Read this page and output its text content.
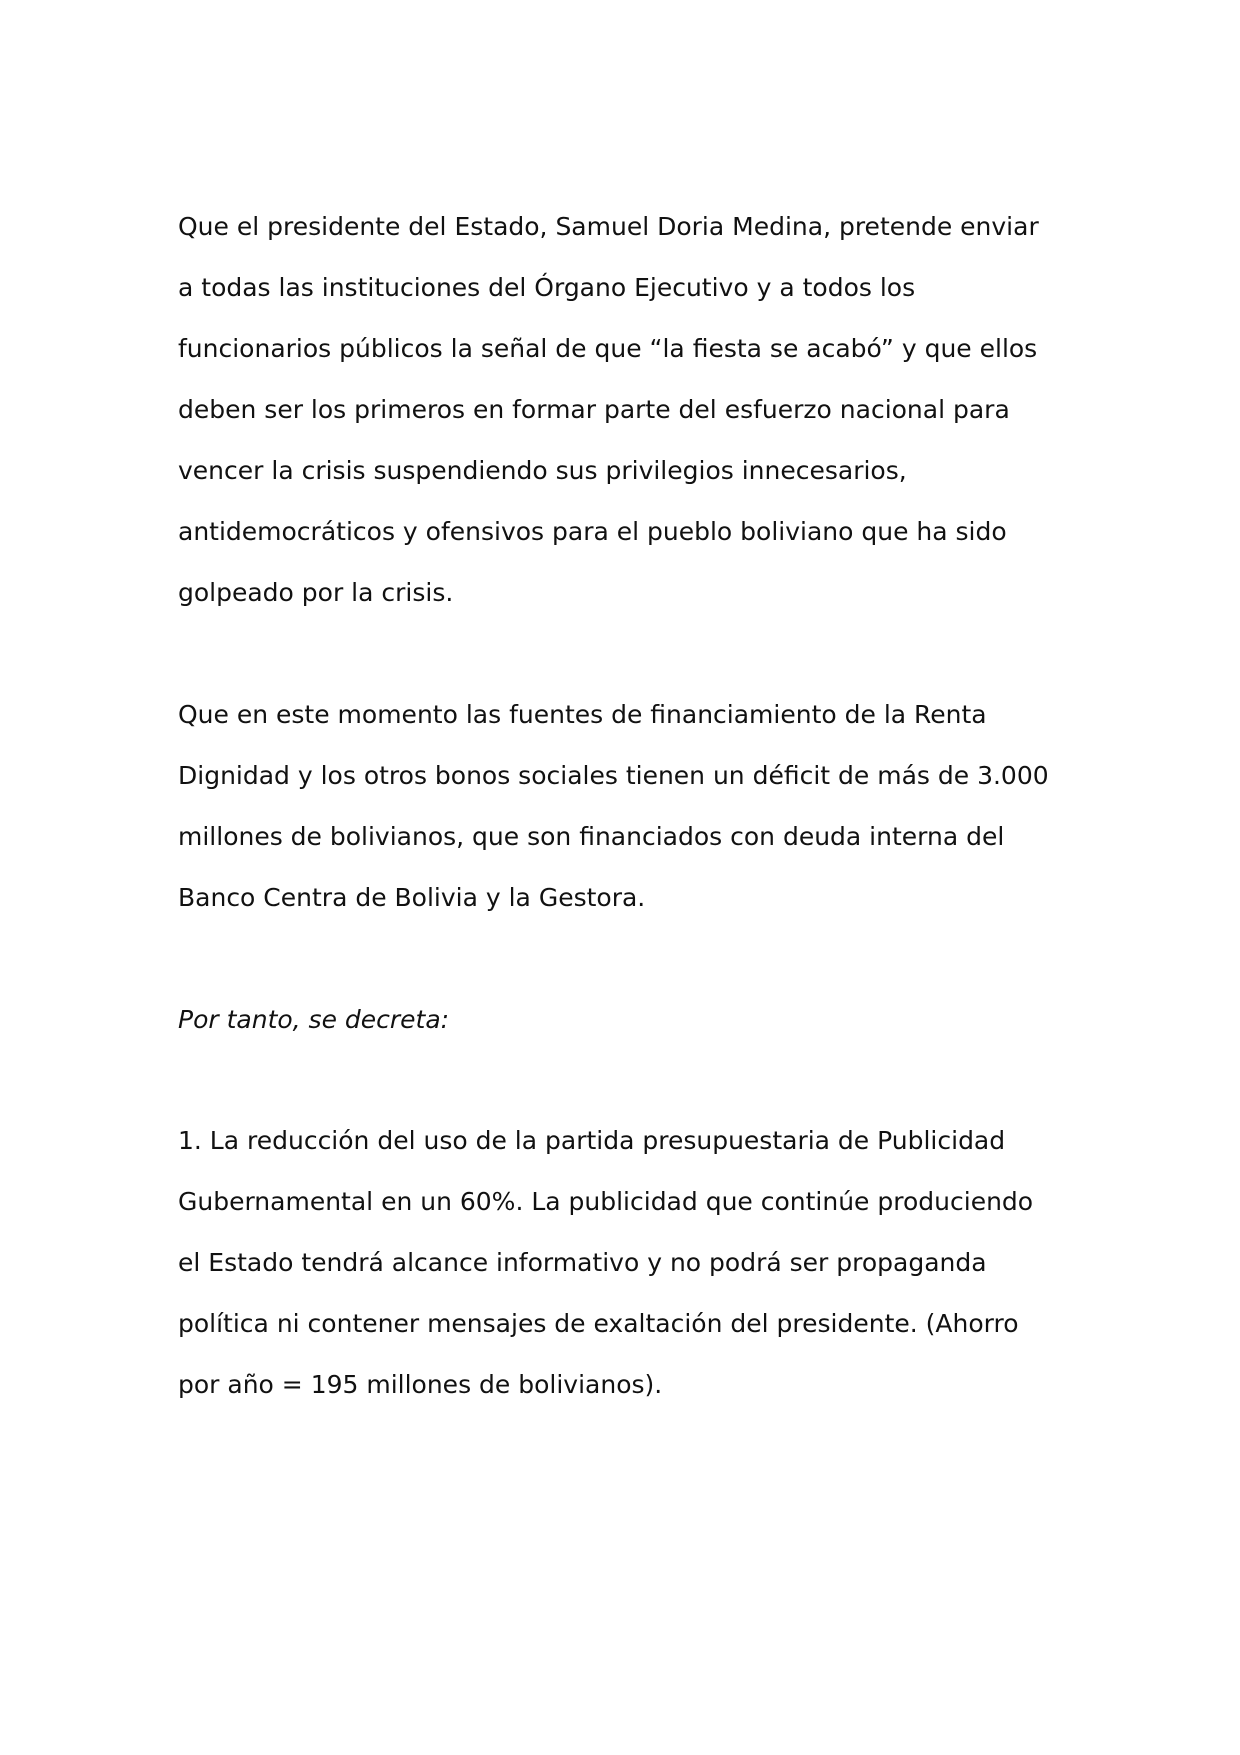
Que el presidente del Estado, Samuel Doria Medina, pretende enviar
a todas las instituciones del Órgano Ejecutivo y a todos los
funcionarios públicos la señal de que “la fiesta se acabó” y que ellos
deben ser los primeros en formar parte del esfuerzo nacional para
vencer la crisis suspendiendo sus privilegios innecesarios,
antidemocráticos y ofensivos para el pueblo boliviano que ha sido
golpeado por la crisis.

Que en este momento las fuentes de financiamiento de la Renta
Dignidad y los otros bonos sociales tienen un déficit de más de 3.000
millones de bolivianos, que son financiados con deuda interna del
Banco Centra de Bolivia y la Gestora.

Por tanto, se decreta:

1. La reducción del uso de la partida presupuestaria de Publicidad
Gubernamental en un 60%. La publicidad que continúe produciendo
el Estado tendrá alcance informativo y no podrá ser propaganda
política ni contener mensajes de exaltación del presidente. (Ahorro
por año = 195 millones de bolivianos).
